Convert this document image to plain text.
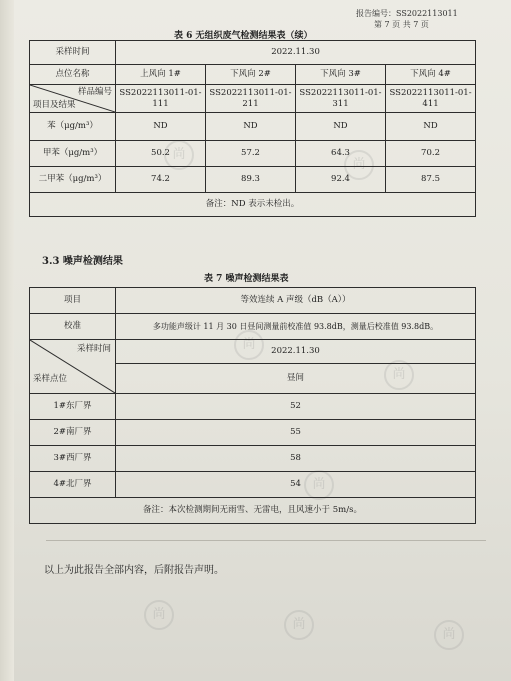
尚
尚
尚
尚
尚
尚
尚
尚
报告编号：SS2022113011
第 7 页 共 7 页
表 6 无组织废气检测结果表（续）
采样时间	2022.11.30			
点位名称	上风向 1#	下风向 2#	下风向 3#	下风向 4#

样品编号
项目及结果	SS2022113011-01-111	SS2022113011-01-211	SS2022113011-01-311	SS2022113011-01-411
苯（μg/m³）	ND	ND	ND	ND
甲苯（μg/m³）	50.2	57.2	64.3	70.2
二甲苯（μg/m³）	74.2	89.3	92.4	87.5
备注：ND 表示未检出。				
3.3 噪声检测结果
表 7 噪声检测结果表
项目	等效连续 A 声级（dB（A））
校准	多功能声级计 11 月 30 日昼间测量前校准值 93.8dB，测量后校准值 93.8dB。

采样时间
采样点位	2022.11.30
	昼间
1#东厂界	52
2#南厂界	55
3#西厂界	58
4#北厂界	54
备注：本次检测期间无雨雪、无雷电，且风速小于 5m/s。	
以上为此报告全部内容，后附报告声明。
